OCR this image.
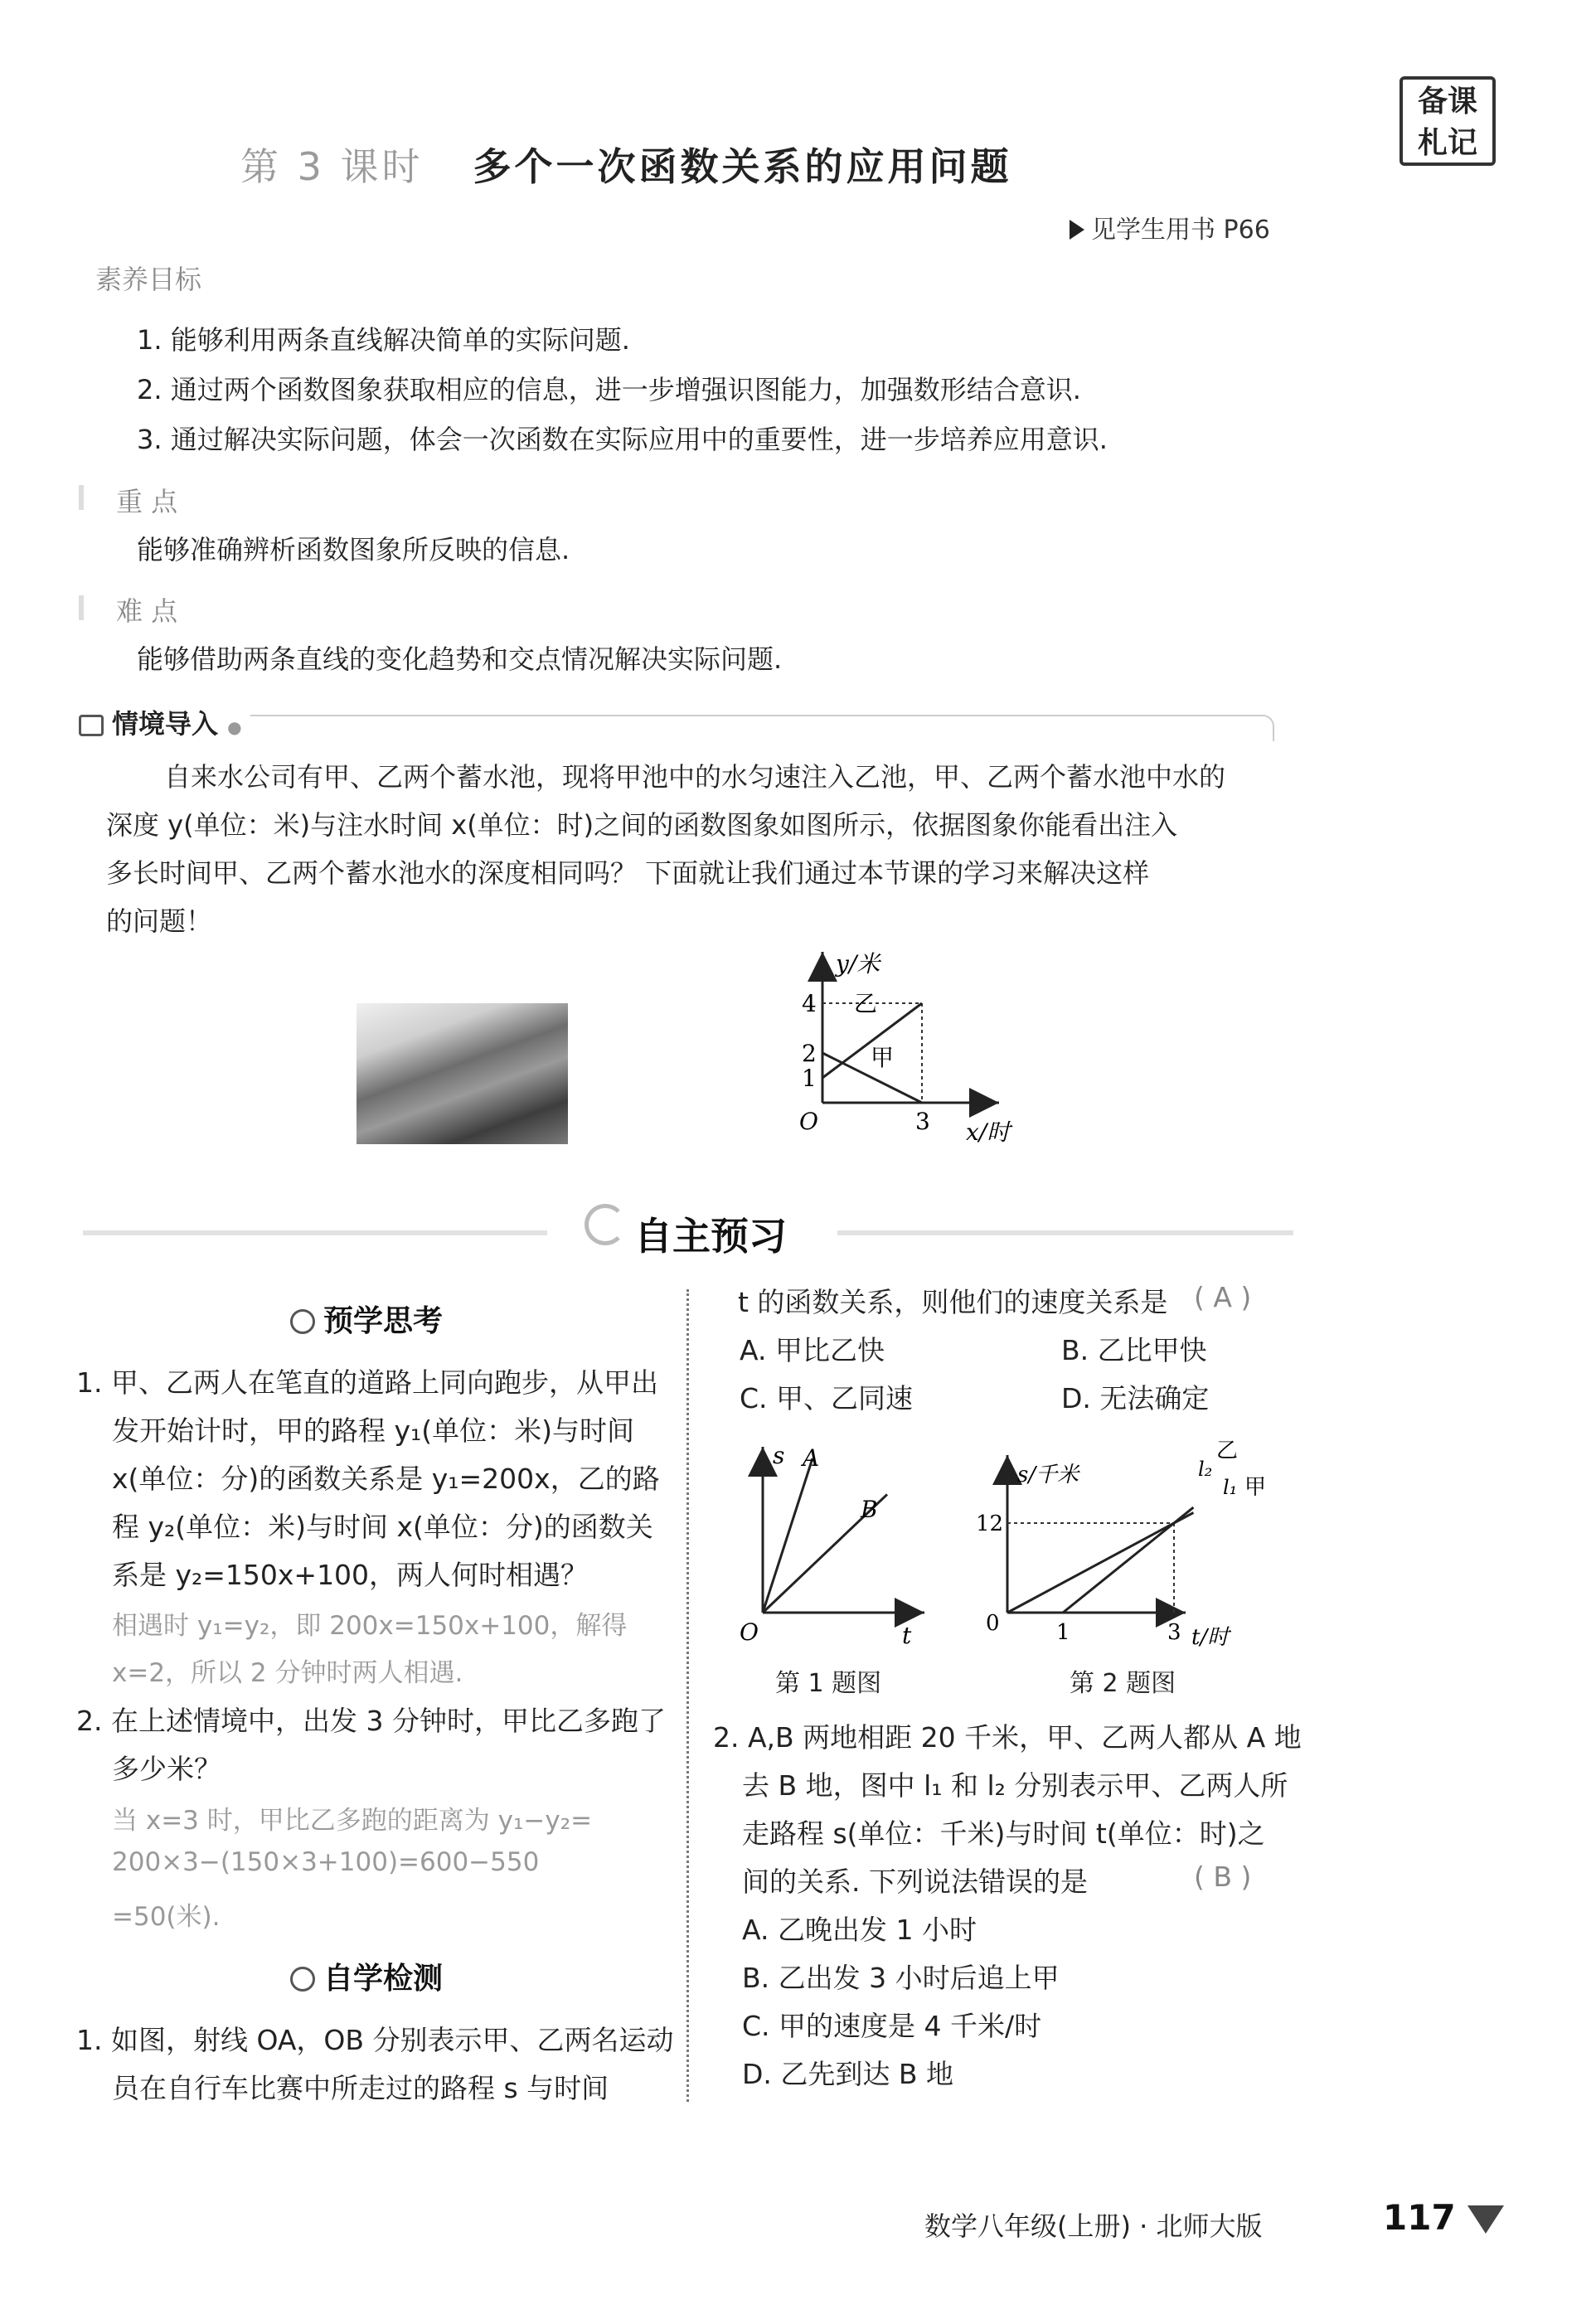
第 3 课时 多个一次函数关系的应用问题
备课
札记
见学生用书 P66
素养目标
1. 能够利用两条直线解决简单的实际问题.
2. 通过两个函数图象获取相应的信息，进一步增强识图能力，加强数形结合意识.
3. 通过解决实际问题，体会一次函数在实际应用中的重要性，进一步培养应用意识.
重 点
能够准确辨析函数图象所反映的信息.
难 点
能够借助两条直线的变化趋势和交点情况解决实际问题.
情境导入 ●
自来水公司有甲、乙两个蓄水池，现将甲池中的水匀速注入乙池，甲、乙两个蓄水池中水的
深度 y(单位：米)与注水时间 x(单位：时)之间的函数图象如图所示，依据图象你能看出注入
多长时间甲、乙两个蓄水池水的深度相同吗？ 下面就让我们通过本节课的学习来解决这样
的问题！
y/米
x/时
O
4
2
1
3
乙
甲
自主预习
预学思考
1. 甲、乙两人在笔直的道路上同向跑步，从甲出
发开始计时，甲的路程 y₁(单位：米)与时间
x(单位：分)的函数关系是 y₁=200x，乙的路
程 y₂(单位：米)与时间 x(单位：分)的函数关
系是 y₂=150x+100，两人何时相遇？
相遇时 y₁=y₂，即 200x=150x+100，解得
x=2，所以 2 分钟时两人相遇.
2. 在上述情境中，出发 3 分钟时，甲比乙多跑了
多少米？
当 x=3 时，甲比乙多跑的距离为 y₁−y₂=
200×3−(150×3+100)=600−550
=50(米).
自学检测
1. 如图，射线 OA，OB 分别表示甲、乙两名运动
员在自行车比赛中所走过的路程 s 与时间
t 的函数关系，则他们的速度关系是 ( A )
A. 甲比乙快	B. 乙比甲快
C. 甲、乙同速	D. 无法确定
s
t
O
A
B
第 1 题图
s/千米
t/时
0
12
1	3
乙
l₂
l₁ 甲
第 2 题图
2. A,B 两地相距 20 千米，甲、乙两人都从 A 地
去 B 地，图中 l₁ 和 l₂ 分别表示甲、乙两人所
走路程 s(单位：千米)与时间 t(单位：时)之
间的关系. 下列说法错误的是	( B )
A. 乙晚出发 1 小时
B. 乙出发 3 小时后追上甲
C. 甲的速度是 4 千米/时
D. 乙先到达 B 地
数学八年级(上册) · 北师大版	117
